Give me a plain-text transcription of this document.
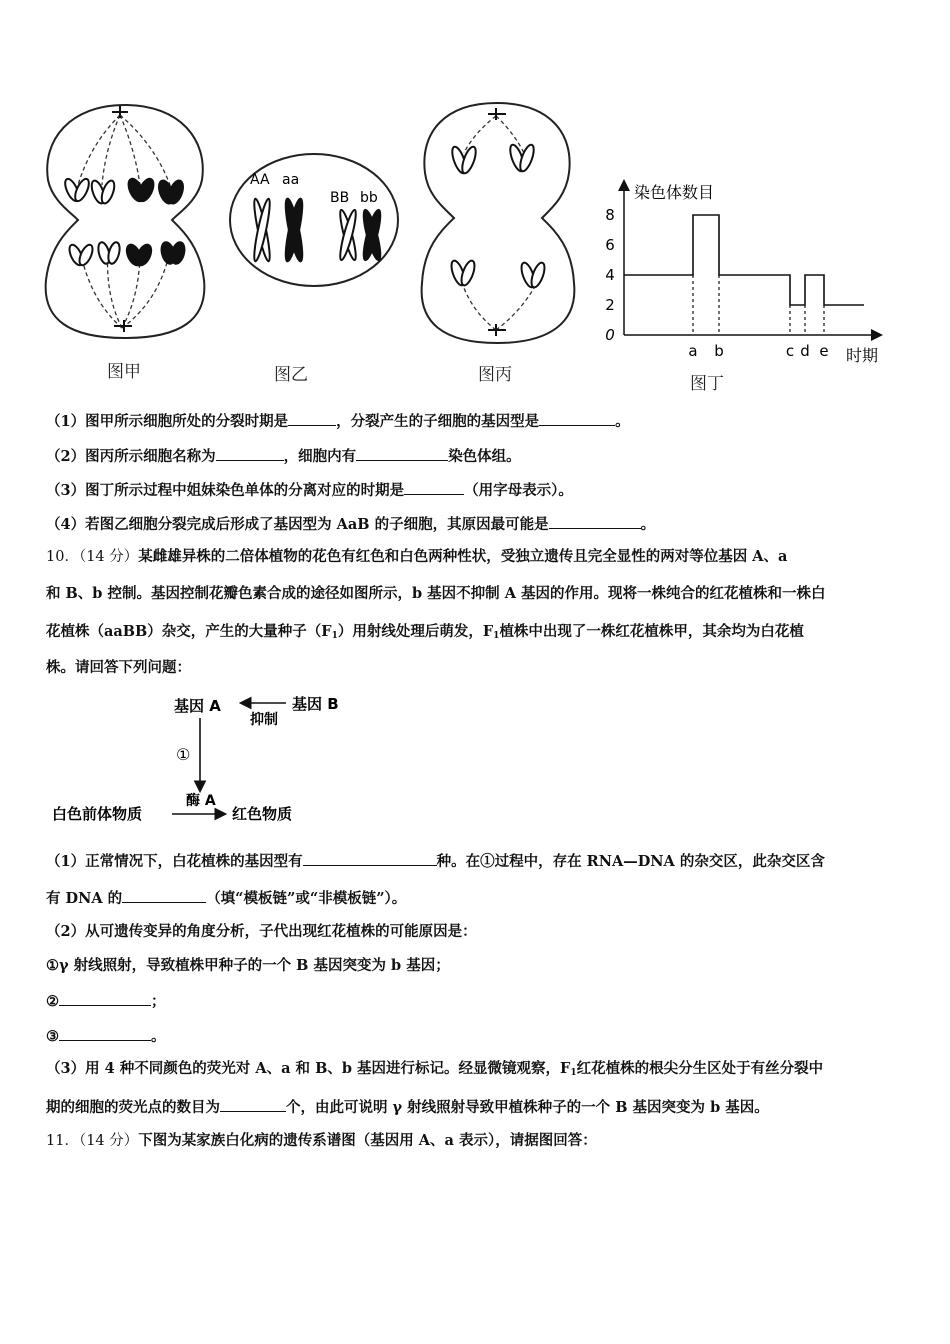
图甲
AA aa
BB bb
图乙	图丙
染色体数目
时期
0
2
4
6
8
a b	c d e
图丁
（1）图甲所示细胞所处的分裂时期是	，分裂产生的子细胞的基因型是	。
（2）图丙所示细胞名称为	，细胞内有	染色体组。
（3）图丁所示过程中姐妹染色单体的分离对应的时期是	（用字母表示）。
（4）若图乙细胞分裂完成后形成了基因型为 AaB 的子细胞，其原因最可能是	。
10．（14 分）某雌雄异株的二倍体植物的花色有红色和白色两种性状，受独立遗传且完全显性的两对等位基因 A、a
和 B、b 控制。基因控制花瓣色素合成的途径如图所示，b 基因不抑制 A 基因的作用。现将一株纯合的红花植株和一株白
花植株（aaBB）杂交，产生的大量种子$(F_1)$用射线处理后萌发，$F_1$植株中出现了一株红花植株甲，其余均为白花植
株。请回答下列问题：
基因 A	基因 B
抑制
①
酶 A
白色前体物质	红色物质
（1）正常情况下，白花植株的基因型有	种。在①过程中，存在 RNA—DNA 的杂交区，此杂交区含
有 DNA 的	（填“模板链”或“非模板链”）。
（2）从可遗传变异的角度分析，子代出现红花植株的可能原因是：
①γ 射线照射，导致植株甲种子的一个 B 基因突变为 b 基因；
②	；
③	。
（3）用 4 种不同颜色的荧光对 A、a 和 B、b 基因进行标记。经显微镜观察，$F_1$红花植株的根尖分生区处于有丝分裂中
期的细胞的荧光点的数目为	个，由此可说明 γ 射线照射导致甲植株种子的一个 B 基因突变为 b 基因。
11．（14 分）下图为某家族白化病的遗传系谱图（基因用 A、a 表示），请据图回答：
